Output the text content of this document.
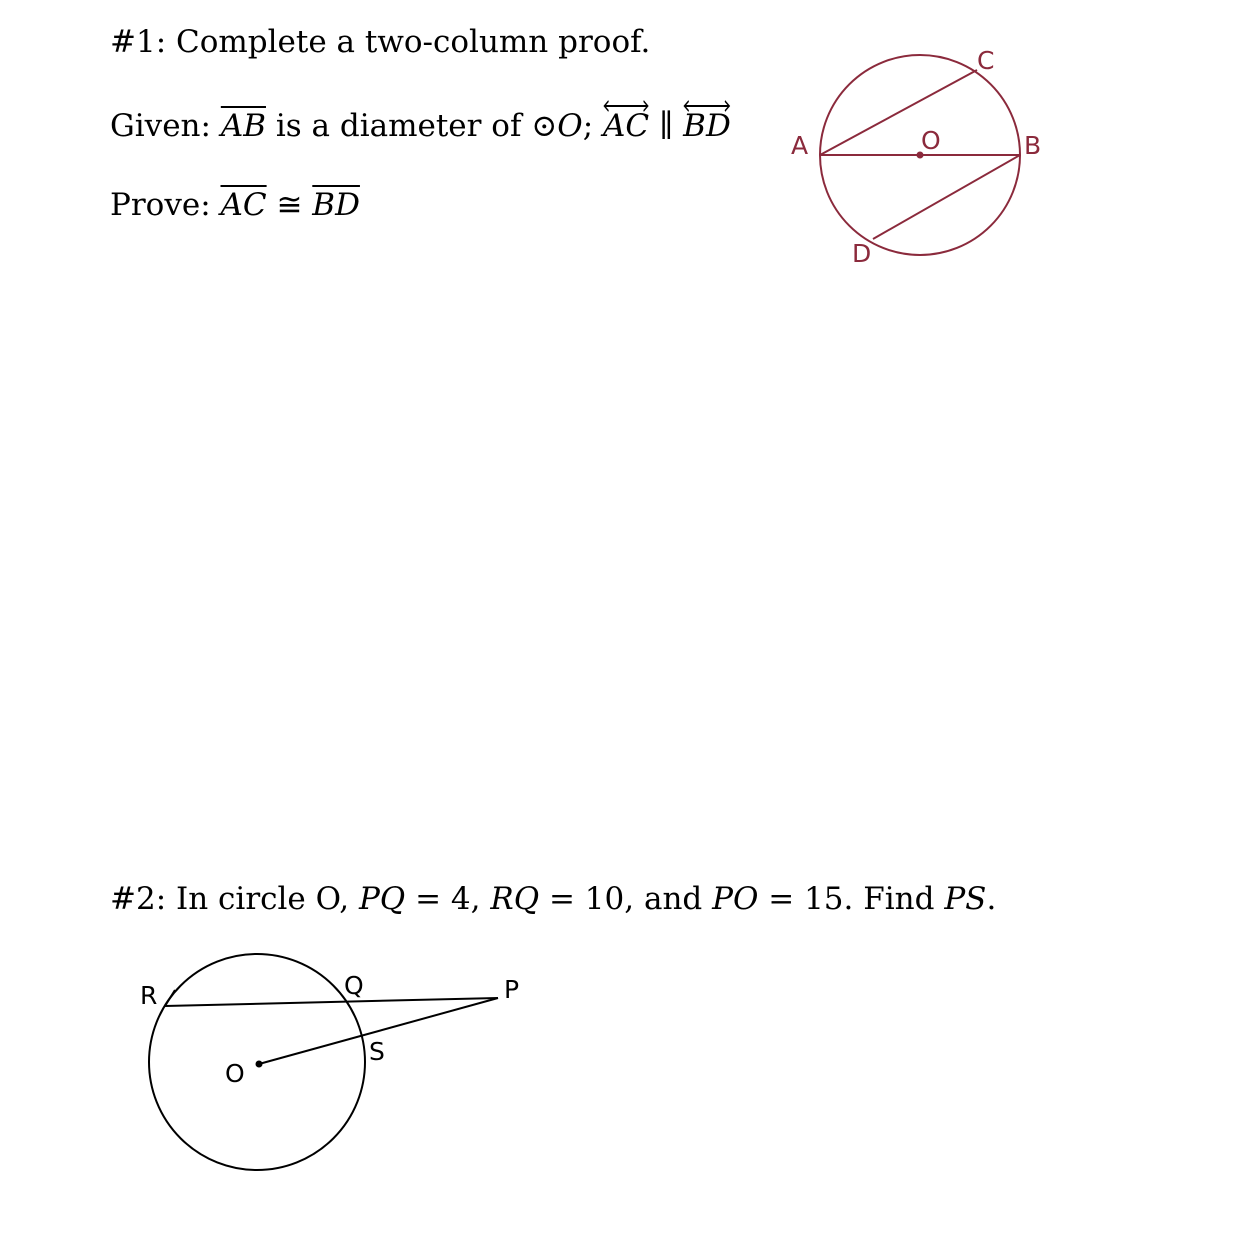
#1: Complete a two-column proof.
Given: $\overline{AB}$ is a diameter of ⊙O;
AC ∥
BD
Prove: $\overline{AC}$ ≅ $\overline{BD}$
A	B
C
D
O
#2: In circle O, PQ = 4, RQ = 10, and PO = 15. Find PS.
R	Q	P
S
O
